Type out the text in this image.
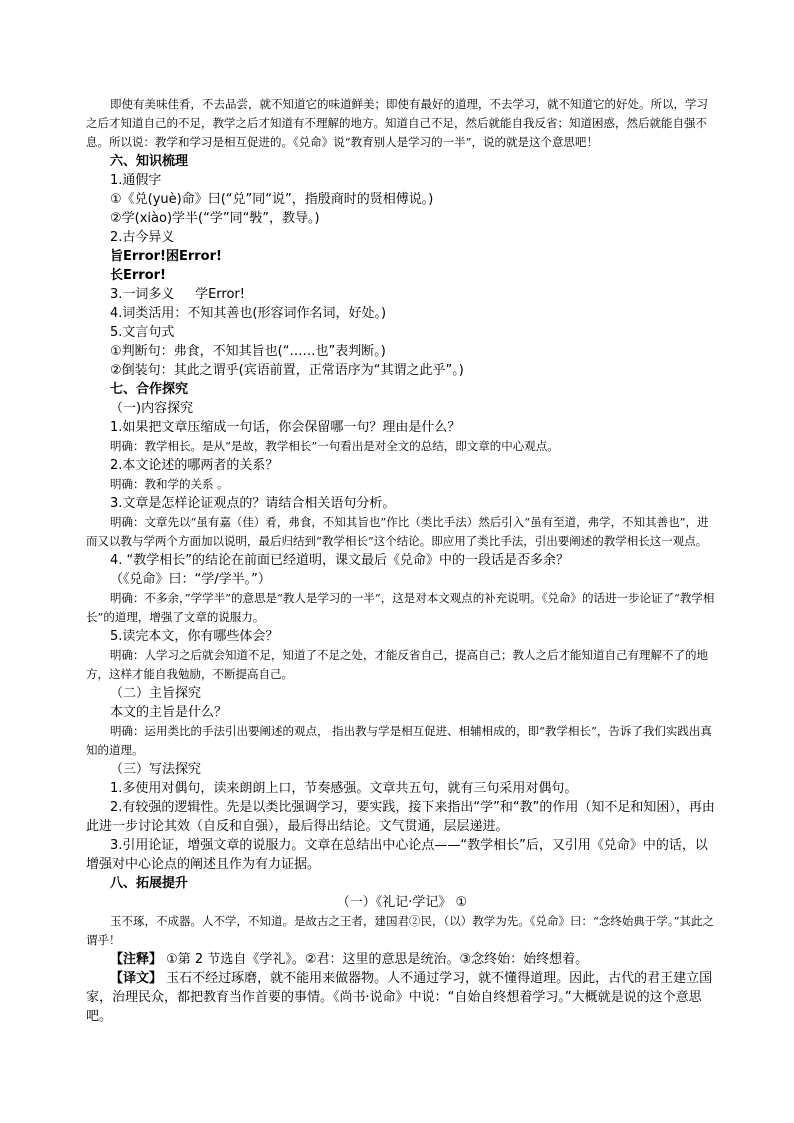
即使有美味佳肴，不去品尝，就不知道它的味道鲜美；即使有最好的道理，不去学习，就不知道它的好处。所以，学习之后才知道自己的不足，教学之后才知道有不理解的地方。知道自己不足，然后就能自我反省；知道困惑，然后就能自强不息。所以说：教学和学习是相互促进的。《兑命》说“教育别人是学习的一半”，说的就是这个意思吧！

六、知识梳理

1.通假字

①《兑(yuè)命》曰(“兑”同“说”，指殷商时的贤相傅说。)

②学(xiào)学半(“学”同“斅”，教导。)

2.古今异义

旨Error!困Error!

长Error!

3.一词多义     学Error!

4.词类活用：不知其善也(形容词作名词，好处。)

5.文言句式

①判断句：弗食，不知其旨也(“……也”表判断。)

②倒装句：其此之谓乎(宾语前置，正常语序为“其谓之此乎”。)

七、合作探究

（一)内容探究

1.如果把文章压缩成一句话，你会保留哪一句？理由是什么？

明确：教学相长。是从“是故，教学相长”一句看出是对全文的总结，即文章的中心观点。

2.本文论述的哪两者的关系？

明确：教和学的关系 。

3.文章是怎样论证观点的？请结合相关语句分析。

明确：文章先以“虽有嘉（佳）肴，弗食，不知其旨也”作比（类比手法）然后引入“虽有至道，弗学，不知其善也”，进而又以教与学两个方面加以说明，最后归结到“教学相长”这个结论。即应用了类比手法，引出要阐述的教学相长这一观点。

4. “教学相长”的结论在前面已经道明，课文最后《兑命》中的一段话是否多余？

（《兑命》曰：“学/学半。”）

明确：不多余，”学学半”的意思是“教人是学习的一半”，这是对本文观点的补充说明。《兑命》的话进一步论证了“教学相长”的道理，增强了文章的说服力。

5.读完本文，你有哪些体会？

明确：人学习之后就会知道不足，知道了不足之处，才能反省自己，提高自己；教人之后才能知道自己有理解不了的地方，这样才能自我勉励，不断提高自己。

（二）主旨探究

本文的主旨是什么？

明确：运用类比的手法引出要阐述的观点， 指出教与学是相互促进、相辅相成的，即“教学相长”，告诉了我们实践出真知的道理。

（三）写法探究

1.多使用对偶句，读来朗朗上口，节奏感强。文章共五句，就有三句采用对偶句。

2.有较强的逻辑性。先是以类比强调学习，要实践，接下来指出“学”和“教”的作用（知不足和知困），再由此进一步讨论其效（自反和自强），最后得出结论。文气贯通，层层递进。

3.引用论证，增强文章的说服力。文章在总结出中心论点——“教学相长”后，又引用《兑命》中的话，以增强对中心论点的阐述且作为有力证据。

八、拓展提升

（一）《礼记·学记》 ①

玉不琢，不成器。人不学，不知道。是故古之王者，建国君②民，（以）教学为先。《兑命》曰：“念终始典于学。”其此之谓乎！

【注释】 ①第 2 节选自《学礼》。②君：这里的意思是统治。③念终始：始终想着。

【译文】 玉石不经过琢磨，就不能用来做器物。人不通过学习，就不懂得道理。因此，古代的君王建立国家，治理民众，都把教育当作首要的事情。《尚书·说命》中说：“自始自终想着学习。”大概就是说的这个意思吧。
